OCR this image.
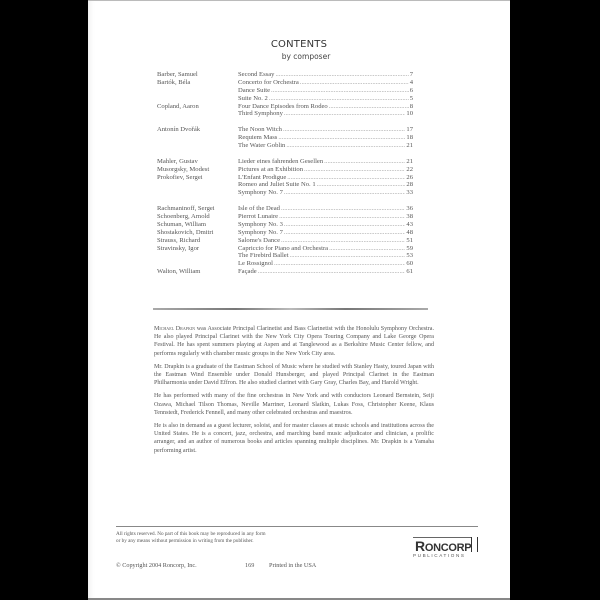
CONTENTS
by composer
Barber, Samuel	Second Essay .....	7
Bartók, Béla	Concerto for Orchestra .....	4
Dance Suite .....	6
Suite No. 2 .....	5
Copland, Aaron	Four Dance Episodes from Rodeo .....	8
Third Symphony .....	10
Antonín Dvořák	The Noon Witch .....	17
Requiem Mass .....	18
The Water Goblin .....	21
Mahler, Gustav	Lieder eines fahrenden Gesellen .....	21
Musorgsky, Modest	Pictures at an Exhibition .....	22
Prokofiev, Sergei	L'Enfant Prodigue .....	26
Romeo and Juliet Suite No. 1 .....	28
Symphony No. 7 .....	33
Rachmaninoff, Sergei	Isle of the Dead .....	36
Schoenberg, Arnold	Pierrot Lunaire .....	38
Schuman, William	Symphony No. 3 .....	43
Shostakovich, Dmitri	Symphony No. 7 .....	48
Strauss, Richard	Salome's Dance .....	51
Stravinsky, Igor	Capriccio for Piano and Orchestra .....	59
The Firebird Ballet .....	53
Le Rossignol .....	60
Walton, William	Façade .....	61

Michael Drapkin was Associate Principal Clarinetist and Bass Clarinetist with the Honolulu Symphony Orchestra. He also played Principal Clarinet with the New York City Opera Touring Company and Lake George Opera Festival. He has spent summers playing at Aspen and at Tanglewood as a Berkshire Music Center fellow, and performs regularly with chamber music groups in the New York City area.

Mr. Drapkin is a graduate of the Eastman School of Music where he studied with Stanley Hasty, toured Japan with the Eastman Wind Ensemble under Donald Hunsberger, and played Principal Clarinet in the Eastman Philharmonia under David Effron. He also studied clarinet with Gary Gray, Charles Bay, and Harold Wright.

He has performed with many of the fine orchestras in New York and with conductors Leonard Bernstein, Seiji Ozawa, Michael Tilson Thomas, Neville Marriner, Leonard Slatkin, Lukas Foss, Christopher Keene, Klaus Tennstedt, Frederick Fennell, and many other celebrated orchestras and maestros.

He is also in demand as a guest lecturer, soloist, and for master classes at music schools and institutions across the United States. He is a concert, jazz, orchestra, and marching band music adjudicator and clinician, a prolific arranger, and an author of numerous books and articles spanning multiple disciplines. Mr. Drapkin is a Yamaha performing artist.

All rights reserved. No part of this book may be reproduced in any form or by any means without permission in writing from the publisher.
© Copyright 2004 Roncorp, Inc.	169 Printed in the USA
RONCORP
PUBLICATIONS
